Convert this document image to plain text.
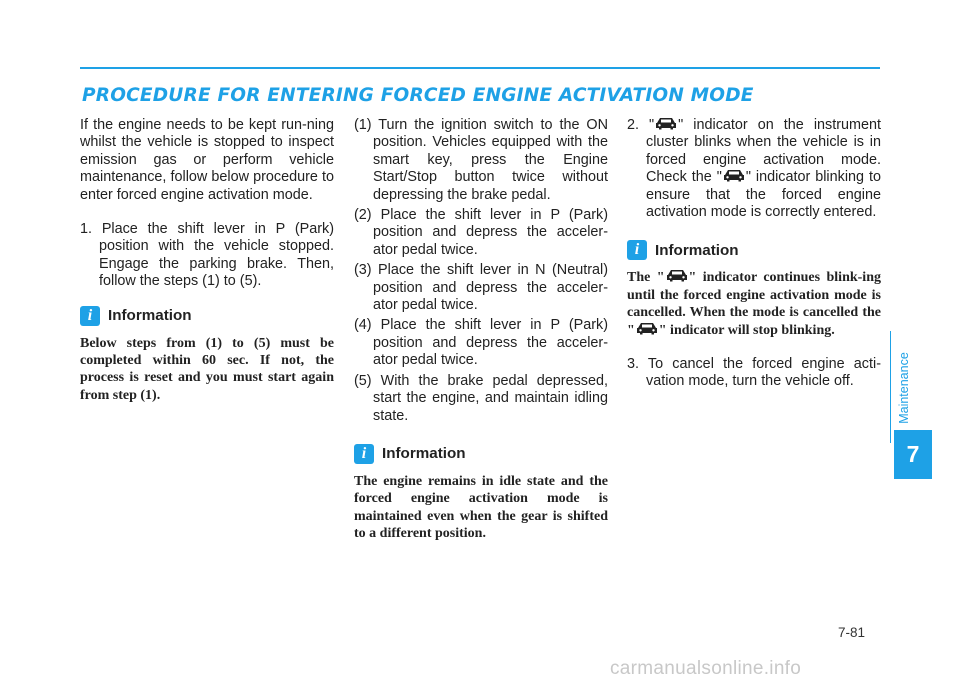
PROCEDURE FOR ENTERING FORCED ENGINE ACTIVATION MODE

If the engine needs to be kept run-ning whilst the vehicle is stopped to inspect emission gas or perform vehicle maintenance, follow below procedure to enter forced engine activation mode.

1. Place the shift lever in P (Park) position with the vehicle stopped. Engage the parking brake. Then, follow the steps (1) to (5).

i	Information

Below steps from (1) to (5) must be completed within 60 sec. If not, the process is reset and you must start again from step (1).

(1) Turn the ignition switch to the ON position. Vehicles equipped with the smart key, press the Engine Start/Stop button twice without depressing the brake pedal.

(2) Place the shift lever in P (Park) position and depress the acceler-ator pedal twice.

(3) Place the shift lever in N (Neutral) position and depress the acceler-ator pedal twice.

(4) Place the shift lever in P (Park) position and depress the acceler-ator pedal twice.

(5) With the brake pedal depressed, start the engine, and maintain idling state.

i	Information

The engine remains in idle state and the forced engine activation mode is maintained even when the gear is shifted to a different position.

2. " " indicator on the instrument cluster blinks when the vehicle is in forced engine activation mode. Check the " " indicator blinking to ensure that the forced engine activation mode is correctly entered.

i	Information

The " " indicator continues blink-ing until the forced engine activation mode is cancelled. When the mode is cancelled the " " indicator will stop blinking.

3. To cancel the forced engine acti-vation mode, turn the vehicle off.	Maintenance
7
7-81
carmanualsonline.info
